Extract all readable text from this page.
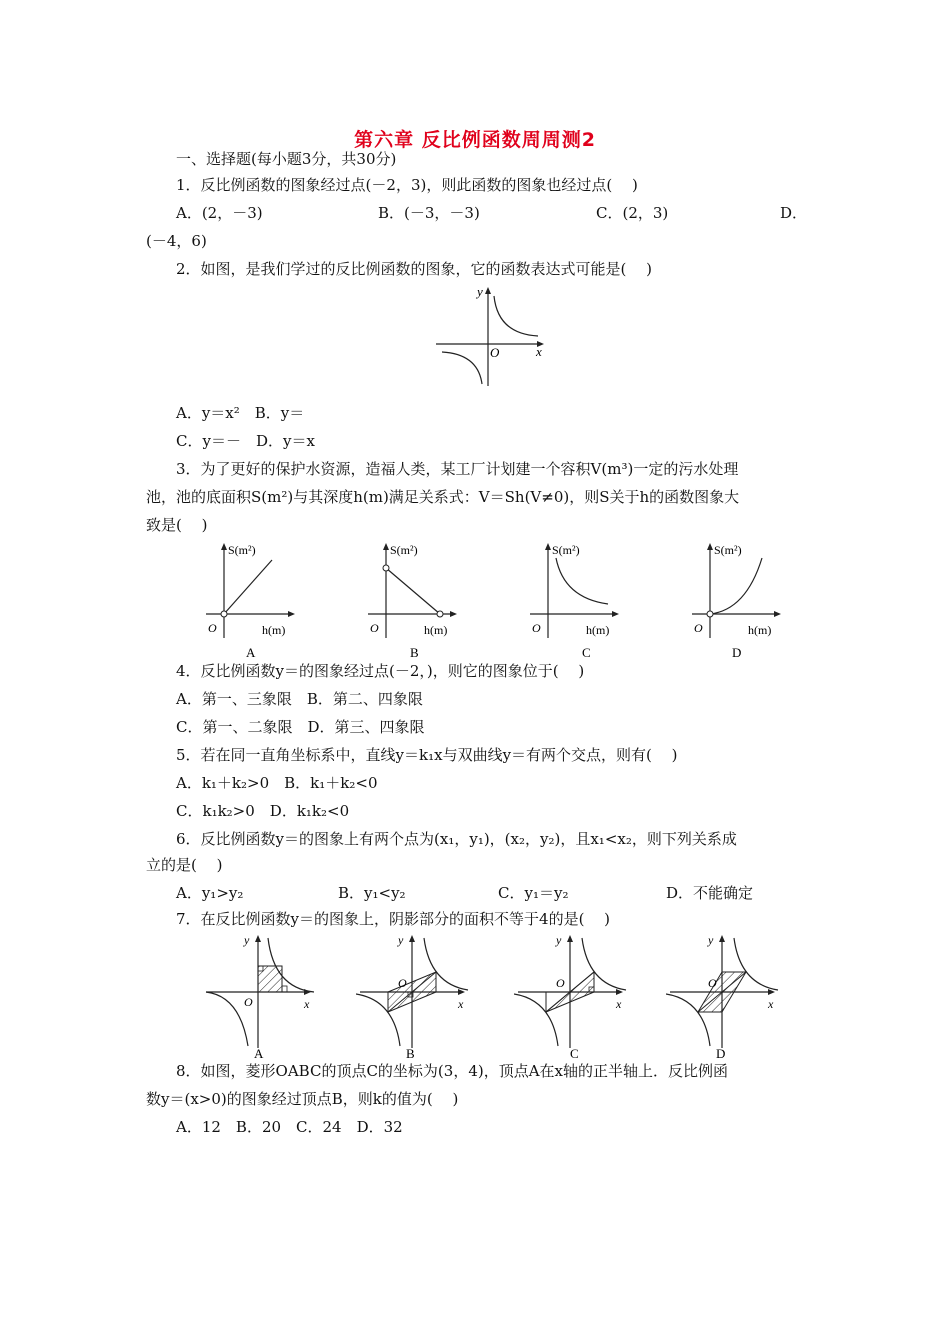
第六章 反比例函数周周测2
一、选择题(每小题3分，共30分)
1．反比例函数的图象经过点(－2，3)，则此函数的图象也经过点(　 )
A．(2，－3)	B．(－3，－3)	C．(2，3)	D．
(－4，6)
2．如图，是我们学过的反比例函数的图象，它的函数表达式可能是(　 )
y
x
O
A．y＝x²　B．y＝
C．y＝－　D．y＝x
3．为了更好的保护水资源，造福人类，某工厂计划建一个容积V(m³)一定的污水处理
池，池的底面积S(m²)与其深度h(m)满足关系式：V＝Sh(V≠0)，则S关于h的函数图象大
致是(　 )
S(m²)
h(m)
O
A
S(m²)
h(m)
O
B
S(m²)
h(m)
O
C
S(m²)
h(m)
O
D
4．反比例函数y＝的图象经过点(－2，)，则它的图象位于(　 )
A．第一、三象限　B．第二、四象限
C．第一、二象限　D．第三、四象限
5．若在同一直角坐标系中，直线y＝k₁x与双曲线y＝有两个交点，则有(　 )
A．k₁＋k₂>0　B．k₁＋k₂<0
C．k₁k₂>0　D．k₁k₂<0
6．反比例函数y＝的图象上有两个点为(x₁，y₁)，(x₂，y₂)，且x₁<x₂，则下列关系成
立的是(　 )
A．y₁>y₂	B．y₁<y₂	C．y₁＝y₂	D．不能确定
7．在反比例函数y＝的图象上，阴影部分的面积不等于4的是(　 )
y
x
O
A
y
x
O
B
y
x
O
C
y
x
O
D
8．如图，菱形OABC的顶点C的坐标为(3，4)，顶点A在x轴的正半轴上．反比例函
数y＝(x>0)的图象经过顶点B，则k的值为(　 )
A．12　B．20　C．24　D．32
